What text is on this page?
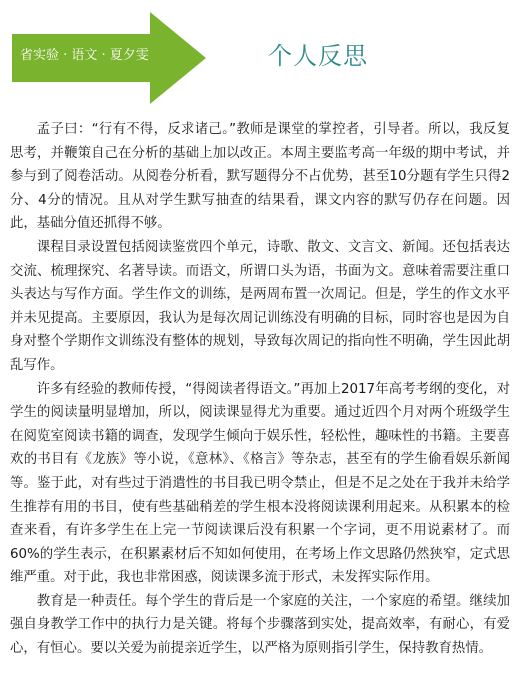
省实验 · 语文 · 夏夕雯	个人反思

孟子曰：“行有不得，反求诸己。”教师是课堂的掌控者，引导者。所以，我反复思考，并鞭策自己在分析的基础上加以改正。本周主要监考高一年级的期中考试，并参与到了阅卷活动。从阅卷分析看，默写题得分不占优势，甚至10分题有学生只得2分、4分的情况。且从对学生默写抽查的结果看，课文内容的默写仍存在问题。因此，基础分值还抓得不够。

课程目录设置包括阅读鉴赏四个单元，诗歌、散文、文言文、新闻。还包括表达交流、梳理探究、名著导读。而语文，所谓口头为语，书面为文。意味着需要注重口头表达与写作方面。学生作文的训练，是两周布置一次周记。但是，学生的作文水平并未见提高。主要原因，我认为是每次周记训练没有明确的目标，同时容也是因为自身对整个学期作文训练没有整体的规划，导致每次周记的指向性不明确，学生因此胡乱写作。

许多有经验的教师传授，“得阅读者得语文。”再加上2017年高考考纲的变化，对学生的阅读量明显增加，所以，阅读课显得尤为重要。通过近四个月对两个班级学生在阅览室阅读书籍的调查，发现学生倾向于娱乐性，轻松性，趣味性的书籍。主要喜欢的书目有《龙族》等小说，《意林》、《格言》等杂志，甚至有的学生偷看娱乐新闻等。鉴于此，对有些过于消遣性的书目我已明令禁止，但是不足之处在于我并未给学生推荐有用的书目，使有些基础稍差的学生根本没将阅读课利用起来。从积累本的检查来看，有许多学生在上完一节阅读课后没有积累一个字词，更不用说素材了。而60%的学生表示，在积累素材后不知如何使用，在考场上作文思路仍然狭窄，定式思维严重。对于此，我也非常困惑，阅读课多流于形式，未发挥实际作用。

教育是一种责任。每个学生的背后是一个家庭的关注，一个家庭的希望。继续加强自身教学工作中的执行力是关键。将每个步骤落到实处，提高效率，有耐心，有爱心，有恒心。要以关爱为前提亲近学生，以严格为原则指引学生，保持教育热情。
